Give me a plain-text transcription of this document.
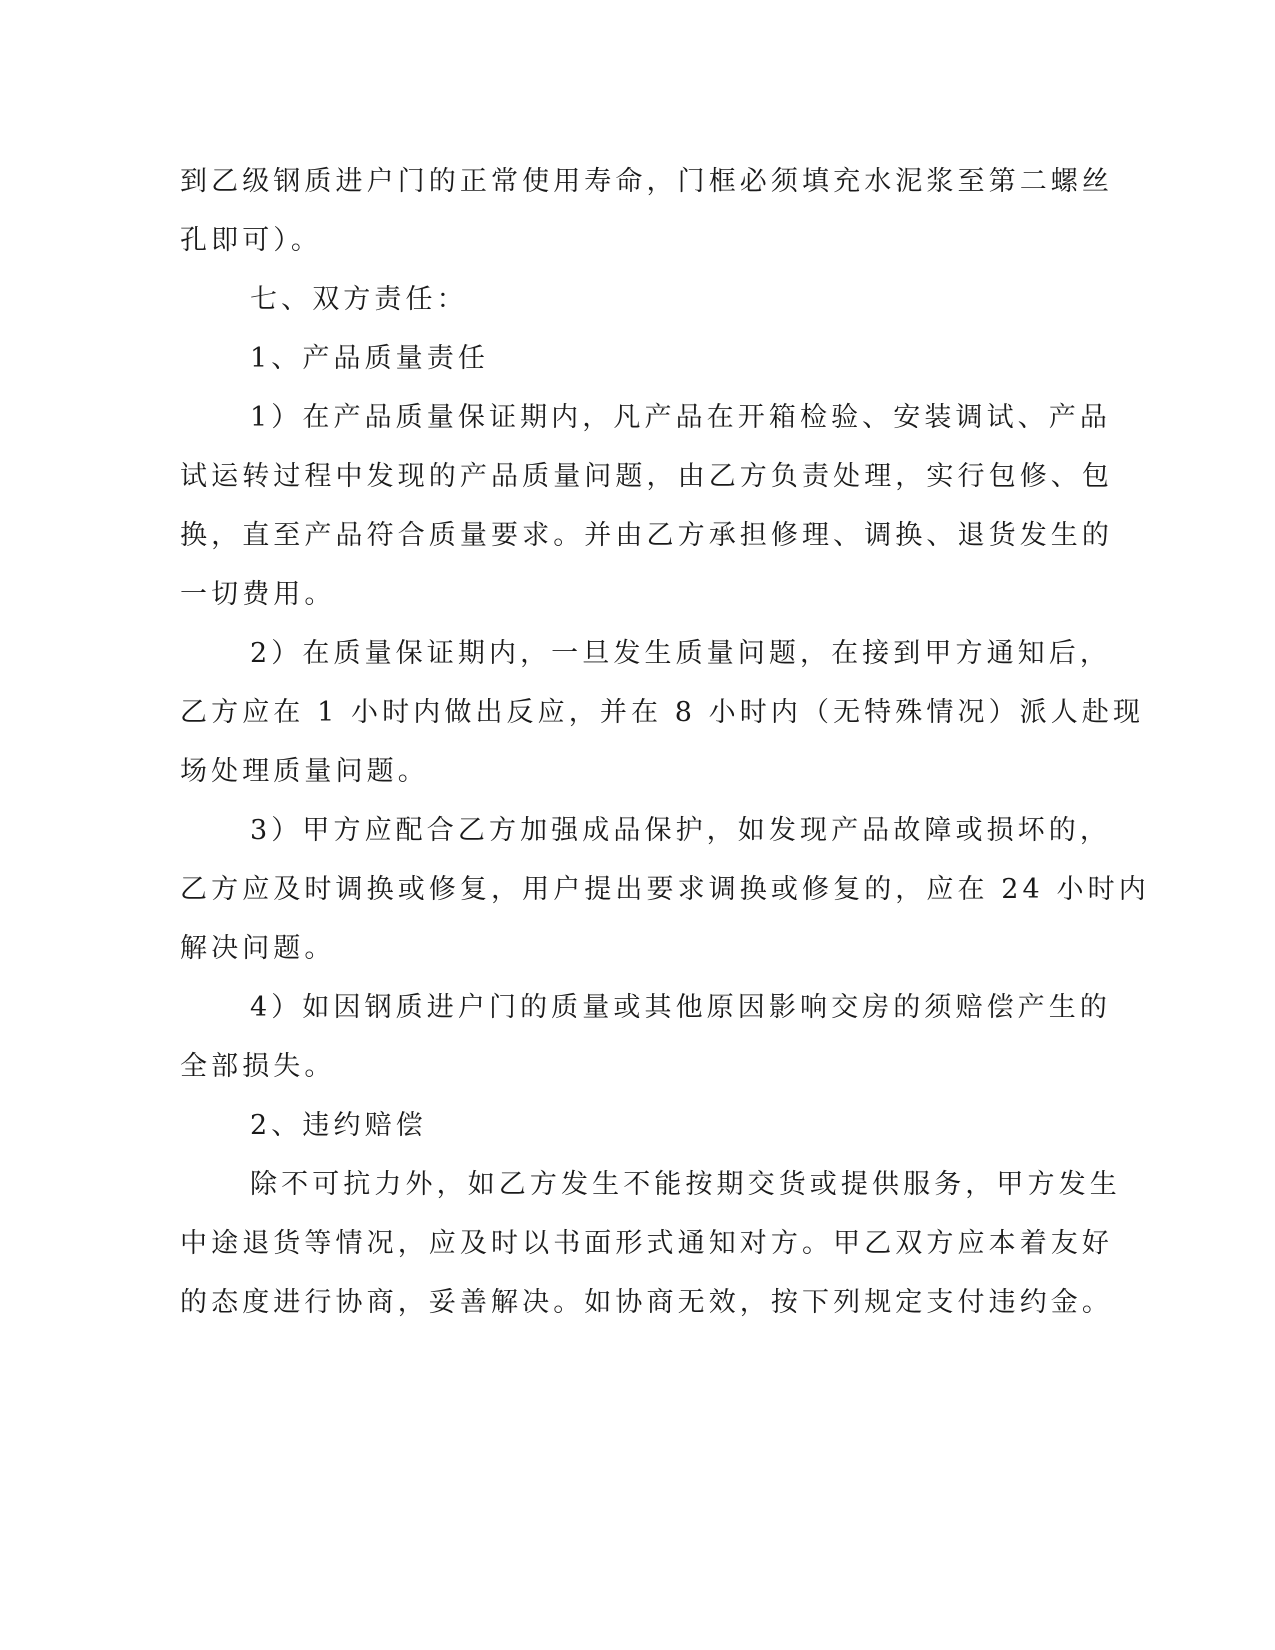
到乙级钢质进户门的正常使用寿命，门框必须填充水泥浆至第二螺丝
孔即可）。
七、双方责任：
1、产品质量责任
1）在产品质量保证期内，凡产品在开箱检验、安装调试、产品
试运转过程中发现的产品质量问题，由乙方负责处理，实行包修、包
换，直至产品符合质量要求。并由乙方承担修理、调换、退货发生的
一切费用。
2）在质量保证期内，一旦发生质量问题，在接到甲方通知后，
乙方应在 1 小时内做出反应，并在 8 小时内（无特殊情况）派人赴现
场处理质量问题。
3）甲方应配合乙方加强成品保护，如发现产品故障或损坏的，
乙方应及时调换或修复，用户提出要求调换或修复的，应在 24 小时内
解决问题。
4）如因钢质进户门的质量或其他原因影响交房的须赔偿产生的
全部损失。
2、违约赔偿
除不可抗力外，如乙方发生不能按期交货或提供服务，甲方发生
中途退货等情况，应及时以书面形式通知对方。甲乙双方应本着友好
的态度进行协商，妥善解决。如协商无效，按下列规定支付违约金。
